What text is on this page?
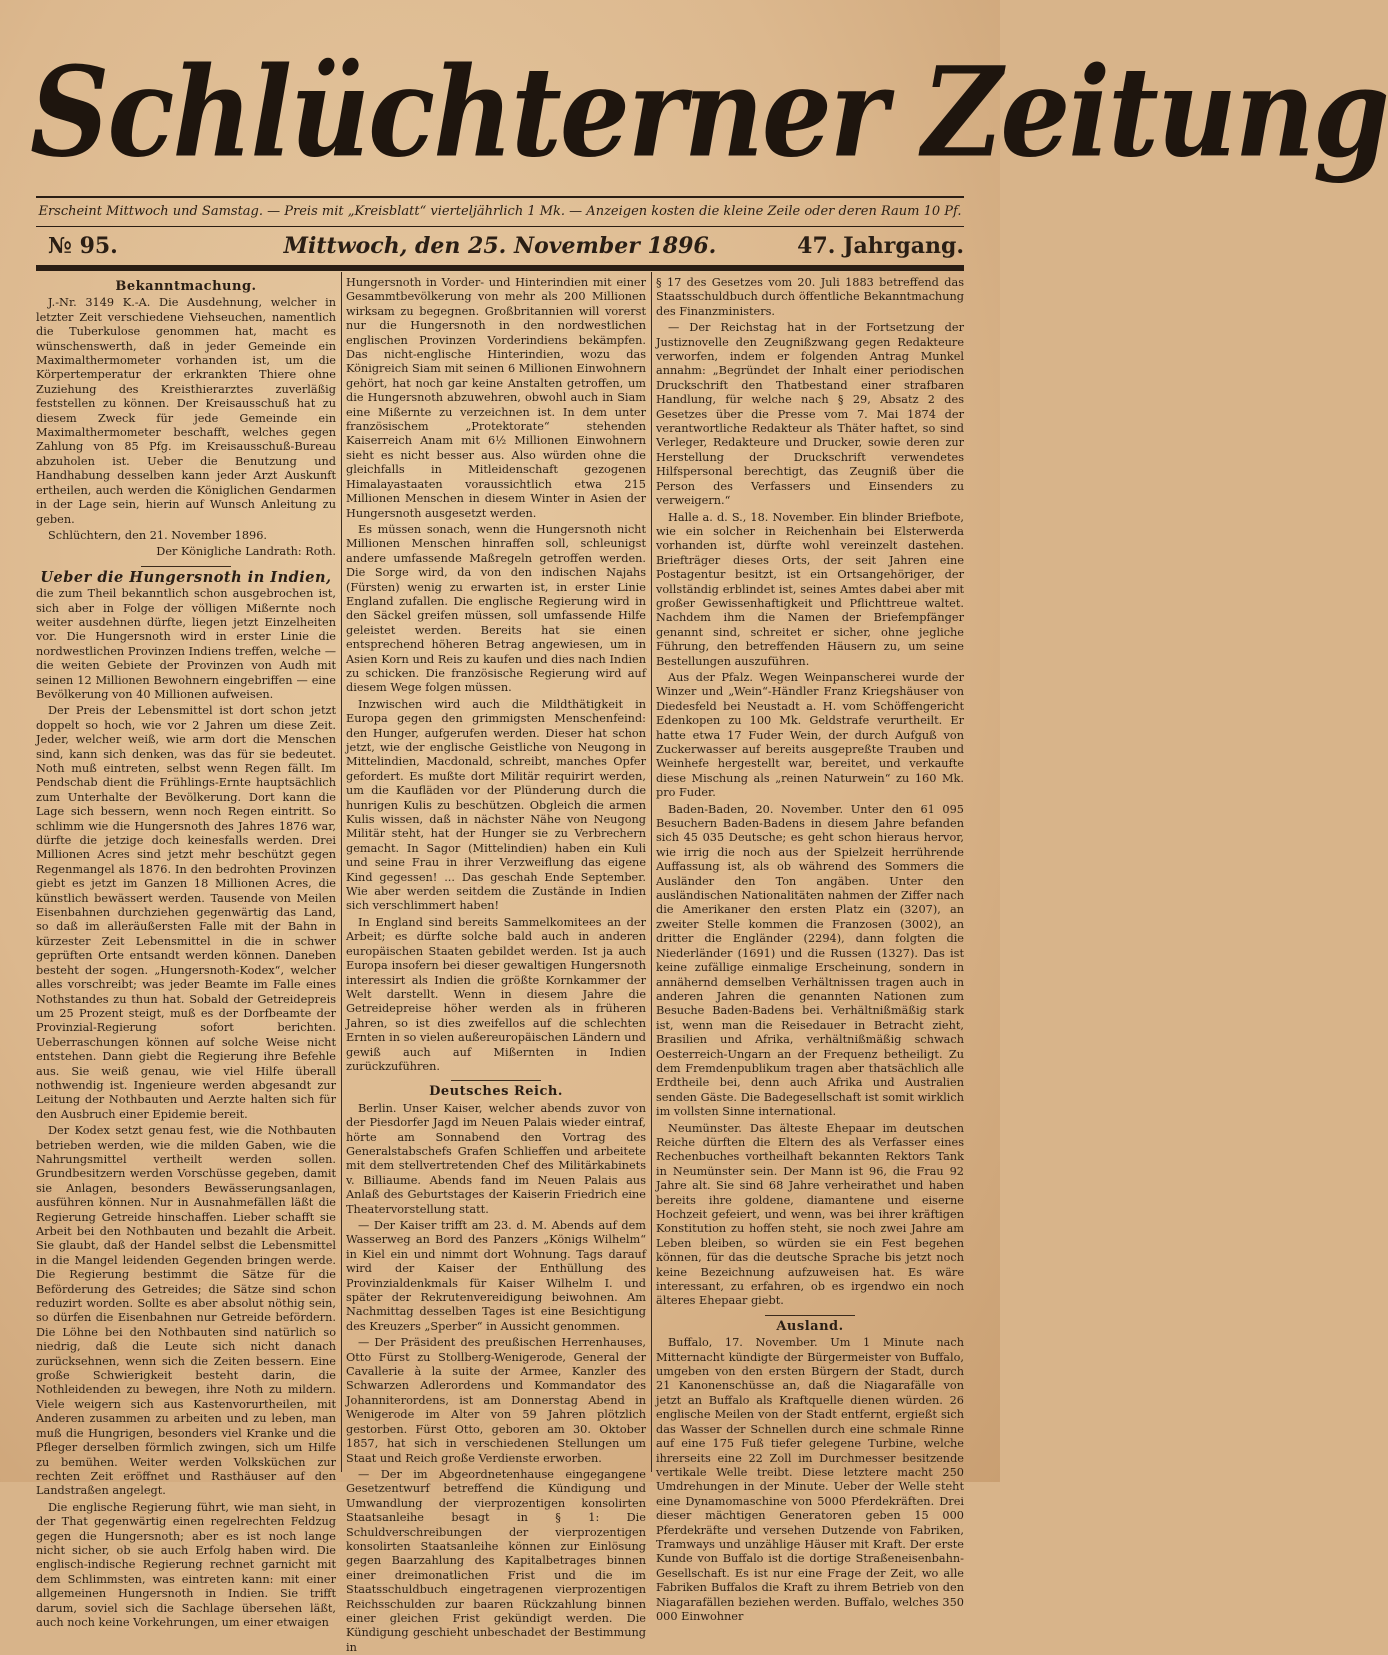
Schlüchterner Zeitung
Erscheint Mittwoch und Samstag. — Preis mit „Kreisblatt“ vierteljährlich 1 Mk. — Anzeigen kosten die kleine Zeile oder deren Raum 10 Pf.
Mittwoch, den 25. November 1896.
№ 95.	47. Jahrgang.
Bekanntmachung.

J.-Nr. 3149 K.-A. Die Ausdehnung, welcher in letzter Zeit verschiedene Viehseuchen, namentlich die Tuberkulose genommen hat, macht es wünschenswerth, daß in jeder Gemeinde ein Maximalthermometer vorhanden ist, um die Körpertemperatur der erkrankten Thiere ohne Zuziehung des Kreisthierarztes zuverläßig feststellen zu können. Der Kreisausschuß hat zu diesem Zweck für jede Gemeinde ein Maximalthermometer beschafft, welches gegen Zahlung von 85 Pfg. im Kreisausschuß-Bureau abzuholen ist. Ueber die Benutzung und Handhabung desselben kann jeder Arzt Auskunft ertheilen, auch werden die Königlichen Gendarmen in der Lage sein, hierin auf Wunsch Anleitung zu geben.

Schlüchtern, den 21. November 1896.

Der Königliche Landrath: Roth.
Ueber die Hungersnoth in Indien,

die zum Theil bekanntlich schon ausgebrochen ist, sich aber in Folge der völligen Mißernte noch weiter ausdehnen dürfte, liegen jetzt Einzelheiten vor. Die Hungersnoth wird in erster Linie die nordwestlichen Provinzen Indiens treffen, welche — die weiten Gebiete der Provinzen von Audh mit seinen 12 Millionen Bewohnern eingebriffen — eine Bevölkerung von 40 Millionen aufweisen.

Der Preis der Lebensmittel ist dort schon jetzt doppelt so hoch, wie vor 2 Jahren um diese Zeit. Jeder, welcher weiß, wie arm dort die Menschen sind, kann sich denken, was das für sie bedeutet. Noth muß eintreten, selbst wenn Regen fällt. Im Pendschab dient die Frühlings-Ernte hauptsächlich zum Unterhalte der Bevölkerung. Dort kann die Lage sich bessern, wenn noch Regen eintritt. So schlimm wie die Hungersnoth des Jahres 1876 war, dürfte die jetzige doch keinesfalls werden. Drei Millionen Acres sind jetzt mehr beschützt gegen Regenmangel als 1876. In den bedrohten Provinzen giebt es jetzt im Ganzen 18 Millionen Acres, die künstlich bewässert werden. Tausende von Meilen Eisenbahnen durchziehen gegenwärtig das Land, so daß im alleräußersten Falle mit der Bahn in kürzester Zeit Lebensmittel in die in schwer geprüften Orte entsandt werden können. Daneben besteht der sogen. „Hungersnoth-Kodex“, welcher alles vorschreibt; was jeder Beamte im Falle eines Nothstandes zu thun hat. Sobald der Getreidepreis um 25 Prozent steigt, muß es der Dorfbeamte der Provinzial-Regierung sofort berichten. Ueberraschungen können auf solche Weise nicht entstehen. Dann giebt die Regierung ihre Befehle aus. Sie weiß genau, wie viel Hilfe überall nothwendig ist. Ingenieure werden abgesandt zur Leitung der Nothbauten und Aerzte halten sich für den Ausbruch einer Epidemie bereit.

Der Kodex setzt genau fest, wie die Nothbauten betrieben werden, wie die milden Gaben, wie die Nahrungsmittel vertheilt werden sollen. Grundbesitzern werden Vorschüsse gegeben, damit sie Anlagen, besonders Bewässerungsanlagen, ausführen können. Nur in Ausnahmefällen läßt die Regierung Getreide hinschaffen. Lieber schafft sie Arbeit bei den Nothbauten und bezahlt die Arbeit. Sie glaubt, daß der Handel selbst die Lebensmittel in die Mangel leidenden Gegenden bringen werde. Die Regierung bestimmt die Sätze für die Beförderung des Getreides; die Sätze sind schon reduzirt worden. Sollte es aber absolut nöthig sein, so dürfen die Eisenbahnen nur Getreide befördern. Die Löhne bei den Nothbauten sind natürlich so niedrig, daß die Leute sich nicht danach zurücksehnen, wenn sich die Zeiten bessern. Eine große Schwierigkeit besteht darin, die Nothleidenden zu bewegen, ihre Noth zu mildern. Viele weigern sich aus Kastenvorurtheilen, mit Anderen zusammen zu arbeiten und zu leben, man muß die Hungrigen, besonders viel Kranke und die Pfleger derselben förmlich zwingen, sich um Hilfe zu bemühen. Weiter werden Volksküchen zur rechten Zeit eröffnet und Rasthäuser auf den Landstraßen angelegt.

Die englische Regierung führt, wie man sieht, in der That gegenwärtig einen regelrechten Feldzug gegen die Hungersnoth; aber es ist noch lange nicht sicher, ob sie auch Erfolg haben wird. Die englisch-indische Regierung rechnet garnicht mit dem Schlimmsten, was eintreten kann: mit einer allgemeinen Hungersnoth in Indien. Sie trifft darum, soviel sich die Sachlage übersehen läßt, auch noch keine Vorkehrungen, um einer etwaigen

Hungersnoth in Vorder- und Hinterindien mit einer Gesammtbevölkerung von mehr als 200 Millionen wirksam zu begegnen. Großbritannien will vorerst nur die Hungersnoth in den nordwestlichen englischen Provinzen Vorderindiens bekämpfen. Das nicht-englische Hinterindien, wozu das Königreich Siam mit seinen 6 Millionen Einwohnern gehört, hat noch gar keine Anstalten getroffen, um die Hungersnoth abzuwehren, obwohl auch in Siam eine Mißernte zu verzeichnen ist. In dem unter französischem „Protektorate“ stehenden Kaiserreich Anam mit 6½ Millionen Einwohnern sieht es nicht besser aus. Also würden ohne die gleichfalls in Mitleidenschaft gezogenen Himalayastaaten voraussichtlich etwa 215 Millionen Menschen in diesem Winter in Asien der Hungersnoth ausgesetzt werden.

Es müssen sonach, wenn die Hungersnoth nicht Millionen Menschen hinraffen soll, schleunigst andere umfassende Maßregeln getroffen werden. Die Sorge wird, da von den indischen Najahs (Fürsten) wenig zu erwarten ist, in erster Linie England zufallen. Die englische Regierung wird in den Säckel greifen müssen, soll umfassende Hilfe geleistet werden. Bereits hat sie einen entsprechend höheren Betrag angewiesen, um in Asien Korn und Reis zu kaufen und dies nach Indien zu schicken. Die französische Regierung wird auf diesem Wege folgen müssen.

Inzwischen wird auch die Mildthätigkeit in Europa gegen den grimmigsten Menschenfeind: den Hunger, aufgerufen werden. Dieser hat schon jetzt, wie der englische Geistliche von Neugong in Mittelindien, Macdonald, schreibt, manches Opfer gefordert. Es mußte dort Militär requirirt werden, um die Kaufläden vor der Plünderung durch die hunrigen Kulis zu beschützen. Obgleich die armen Kulis wissen, daß in nächster Nähe von Neugong Militär steht, hat der Hunger sie zu Verbrechern gemacht. In Sagor (Mittelindien) haben ein Kuli und seine Frau in ihrer Verzweiflung das eigene Kind gegessen! ... Das geschah Ende September. Wie aber werden seitdem die Zustände in Indien sich verschlimmert haben!

In England sind bereits Sammelkomitees an der Arbeit; es dürfte solche bald auch in anderen europäischen Staaten gebildet werden. Ist ja auch Europa insofern bei dieser gewaltigen Hungersnoth interessirt als Indien die größte Kornkammer der Welt darstellt. Wenn in diesem Jahre die Getreidepreise höher werden als in früheren Jahren, so ist dies zweifellos auf die schlechten Ernten in so vielen außereuropäischen Ländern und gewiß auch auf Mißernten in Indien zurückzuführen.

Deutsches Reich.

Berlin. Unser Kaiser, welcher abends zuvor von der Piesdorfer Jagd im Neuen Palais wieder eintraf, hörte am Sonnabend den Vortrag des Generalstabschefs Grafen Schlieffen und arbeitete mit dem stellvertretenden Chef des Militärkabinets v. Billiaume. Abends fand im Neuen Palais aus Anlaß des Geburtstages der Kaiserin Friedrich eine Theatervorstellung statt.

— Der Kaiser trifft am 23. d. M. Abends auf dem Wasserweg an Bord des Panzers „Königs Wilhelm“ in Kiel ein und nimmt dort Wohnung. Tags darauf wird der Kaiser der Enthüllung des Provinzialdenkmals für Kaiser Wilhelm I. und später der Rekrutenvereidigung beiwohnen. Am Nachmittag desselben Tages ist eine Besichtigung des Kreuzers „Sperber“ in Aussicht genommen.

— Der Präsident des preußischen Herrenhauses, Otto Fürst zu Stollberg-Wenigerode, General der Cavallerie à la suite der Armee, Kanzler des Schwarzen Adlerordens und Kommandator des Johanniterordens, ist am Donnerstag Abend in Wenigerode im Alter von 59 Jahren plötzlich gestorben. Fürst Otto, geboren am 30. Oktober 1857, hat sich in verschiedenen Stellungen um Staat und Reich große Verdienste erworben.

— Der im Abgeordnetenhause eingegangene Gesetzentwurf betreffend die Kündigung und Umwandlung der vierprozentigen konsolirten Staatsanleihe besagt in § 1: Die Schuldverschreibungen der vierprozentigen konsolirten Staatsanleihe können zur Einlösung gegen Baarzahlung des Kapitalbetrages binnen einer dreimonatlichen Frist und die im Staatsschuldbuch eingetragenen vierprozentigen Reichsschulden zur baaren Rückzahlung binnen einer gleichen Frist gekündigt werden. Die Kündigung geschieht unbeschadet der Bestimmung in

§ 17 des Gesetzes vom 20. Juli 1883 betreffend das Staatsschuldbuch durch öffentliche Bekanntmachung des Finanzministers.

— Der Reichstag hat in der Fortsetzung der Justiznovelle den Zeugnißzwang gegen Redakteure verworfen, indem er folgenden Antrag Munkel annahm: „Begründet der Inhalt einer periodischen Druckschrift den Thatbestand einer strafbaren Handlung, für welche nach § 29, Absatz 2 des Gesetzes über die Presse vom 7. Mai 1874 der verantwortliche Redakteur als Thäter haftet, so sind Verleger, Redakteure und Drucker, sowie deren zur Herstellung der Druckschrift verwendetes Hilfspersonal berechtigt, das Zeugniß über die Person des Verfassers und Einsenders zu verweigern.“

Halle a. d. S., 18. November. Ein blinder Briefbote, wie ein solcher in Reichenhain bei Elsterwerda vorhanden ist, dürfte wohl vereinzelt dastehen. Briefträger dieses Orts, der seit Jahren eine Postagentur besitzt, ist ein Ortsangehöriger, der vollständig erblindet ist, seines Amtes dabei aber mit großer Gewissenhaftigkeit und Pflichttreue waltet. Nachdem ihm die Namen der Briefempfänger genannt sind, schreitet er sicher, ohne jegliche Führung, den betreffenden Häusern zu, um seine Bestellungen auszuführen.

Aus der Pfalz. Wegen Weinpanscherei wurde der Winzer und „Wein“-Händler Franz Kriegshäuser von Diedesfeld bei Neustadt a. H. vom Schöffengericht Edenkopen zu 100 Mk. Geldstrafe verurtheilt. Er hatte etwa 17 Fuder Wein, der durch Aufguß von Zuckerwasser auf bereits ausgepreßte Trauben und Weinhefe hergestellt war, bereitet, und verkaufte diese Mischung als „reinen Naturwein“ zu 160 Mk. pro Fuder.

Baden-Baden, 20. November. Unter den 61 095 Besuchern Baden-Badens in diesem Jahre befanden sich 45 035 Deutsche; es geht schon hieraus hervor, wie irrig die noch aus der Spielzeit herrührende Auffassung ist, als ob während des Sommers die Ausländer den Ton angäben. Unter den ausländischen Nationalitäten nahmen der Ziffer nach die Amerikaner den ersten Platz ein (3207), an zweiter Stelle kommen die Franzosen (3002), an dritter die Engländer (2294), dann folgten die Niederländer (1691) und die Russen (1327). Das ist keine zufällige einmalige Erscheinung, sondern in annähernd demselben Verhältnissen tragen auch in anderen Jahren die genannten Nationen zum Besuche Baden-Badens bei. Verhältnißmäßig stark ist, wenn man die Reisedauer in Betracht zieht, Brasilien und Afrika, verhältnißmäßig schwach Oesterreich-Ungarn an der Frequenz betheiligt. Zu dem Fremdenpublikum tragen aber thatsächlich alle Erdtheile bei, denn auch Afrika und Australien senden Gäste. Die Badegesellschaft ist somit wirklich im vollsten Sinne international.

Neumünster. Das älteste Ehepaar im deutschen Reiche dürften die Eltern des als Verfasser eines Rechenbuches vortheilhaft bekannten Rektors Tank in Neumünster sein. Der Mann ist 96, die Frau 92 Jahre alt. Sie sind 68 Jahre verheirathet und haben bereits ihre goldene, diamantene und eiserne Hochzeit gefeiert, und wenn, was bei ihrer kräftigen Konstitution zu hoffen steht, sie noch zwei Jahre am Leben bleiben, so würden sie ein Fest begehen können, für das die deutsche Sprache bis jetzt noch keine Bezeichnung aufzuweisen hat. Es wäre interessant, zu erfahren, ob es irgendwo ein noch älteres Ehepaar giebt.

Ausland.

Buffalo, 17. November. Um 1 Minute nach Mitternacht kündigte der Bürgermeister von Buffalo, umgeben von den ersten Bürgern der Stadt, durch 21 Kanonenschüsse an, daß die Niagarafälle von jetzt an Buffalo als Kraftquelle dienen würden. 26 englische Meilen von der Stadt entfernt, ergießt sich das Wasser der Schnellen durch eine schmale Rinne auf eine 175 Fuß tiefer gelegene Turbine, welche ihrerseits eine 22 Zoll im Durchmesser besitzende vertikale Welle treibt. Diese letztere macht 250 Umdrehungen in der Minute. Ueber der Welle steht eine Dynamomaschine von 5000 Pferdekräften. Drei dieser mächtigen Generatoren geben 15 000 Pferdekräfte und versehen Dutzende von Fabriken, Tramways und unzählige Häuser mit Kraft. Der erste Kunde von Buffalo ist die dortige Straßeneisenbahn-Gesellschaft. Es ist nur eine Frage der Zeit, wo alle Fabriken Buffalos die Kraft zu ihrem Betrieb von den Niagarafällen beziehen werden. Buffalo, welches 350 000 Einwohner
